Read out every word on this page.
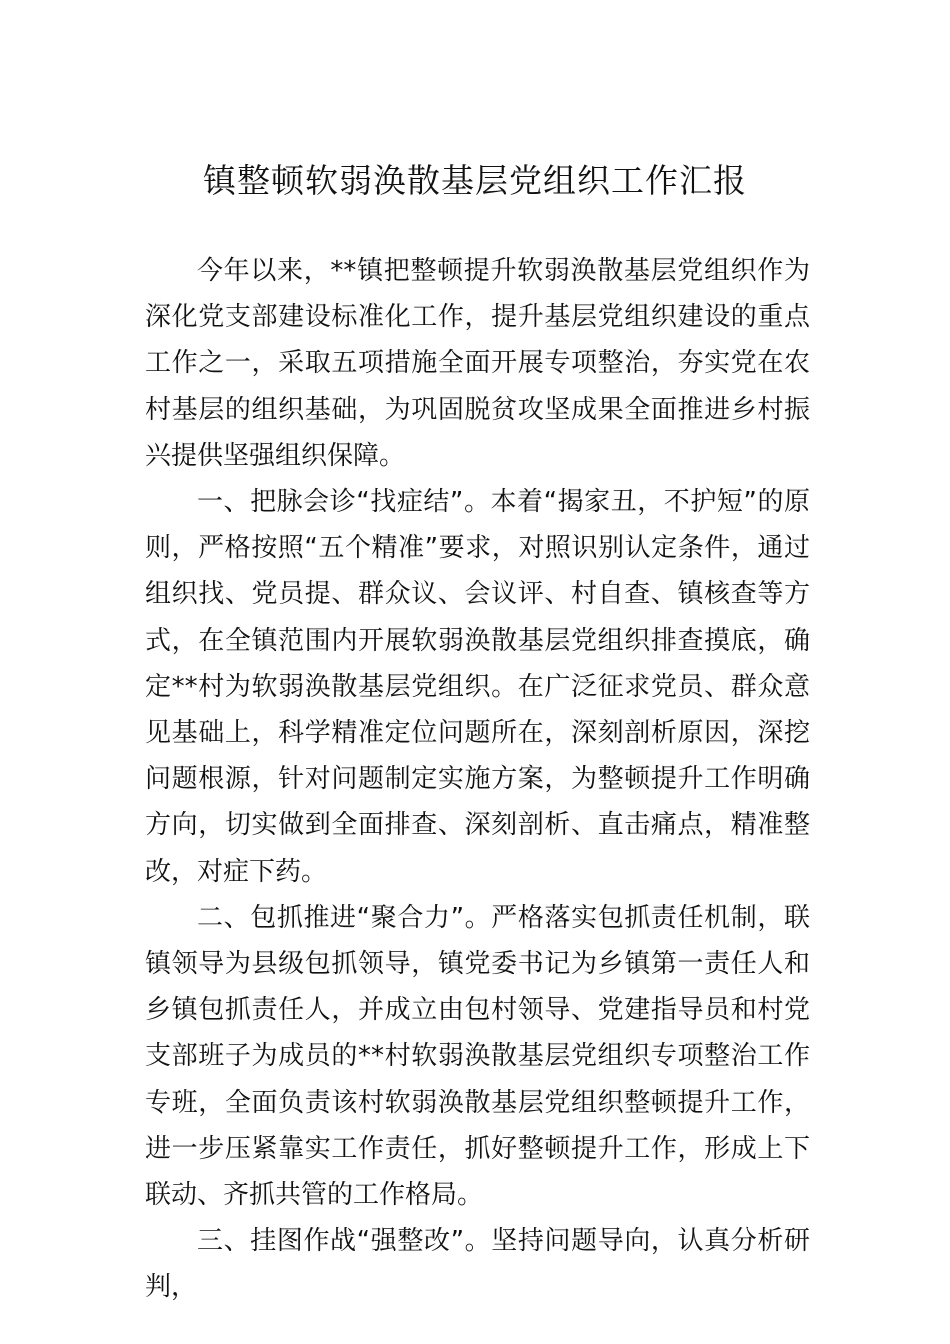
镇整顿软弱涣散基层党组织工作汇报

今年以来，**镇把整顿提升软弱涣散基层党组织作为深化党支部建设标准化工作，提升基层党组织建设的重点工作之一，采取五项措施全面开展专项整治，夯实党在农村基层的组织基础，为巩固脱贫攻坚成果全面推进乡村振兴提供坚强组织保障。

一、把脉会诊“找症结”。本着“揭家丑，不护短”的原则，严格按照“五个精准”要求，对照识别认定条件，通过组织找、党员提、群众议、会议评、村自查、镇核查等方式，在全镇范围内开展软弱涣散基层党组织排查摸底，确定**村为软弱涣散基层党组织。在广泛征求党员、群众意见基础上，科学精准定位问题所在，深刻剖析原因，深挖问题根源，针对问题制定实施方案，为整顿提升工作明确方向，切实做到全面排查、深刻剖析、直击痛点，精准整改，对症下药。

二、包抓推进“聚合力”。严格落实包抓责任机制，联镇领导为县级包抓领导，镇党委书记为乡镇第一责任人和乡镇包抓责任人，并成立由包村领导、党建指导员和村党支部班子为成员的**村软弱涣散基层党组织专项整治工作专班，全面负责该村软弱涣散基层党组织整顿提升工作，进一步压紧靠实工作责任，抓好整顿提升工作，形成上下联动、齐抓共管的工作格局。

三、挂图作战“强整改”。坚持问题导向，认真分析研判，
